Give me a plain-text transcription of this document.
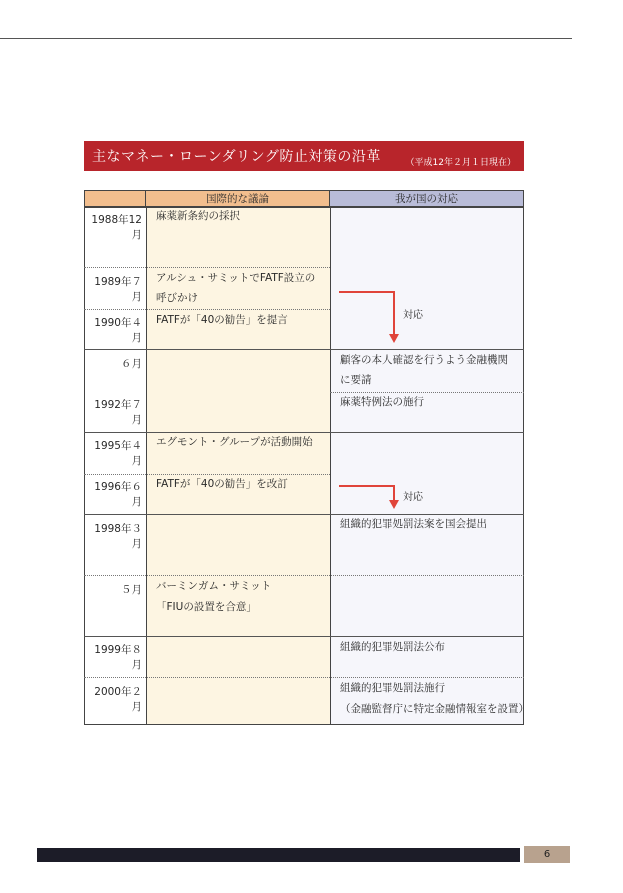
主なマネー・ローンダリング防止対策の沿革	（平成12年２月１日現在）
国際的な議論	我が国の対応
1988年12月
1989年７月
1990年４月
６月
1992年７月
1995年４月
1996年６月
1998年３月
５月
1999年８月
2000年２月
麻薬新条約の採択
アルシュ・サミットでFATF設立の
呼びかけ
FATFが「40の勧告」を提言
エグモント・グループが活動開始
FATFが「40の勧告」を改訂
バーミンガム・サミット
「FIUの設置を合意」
顧客の本人確認を行うよう金融機関
に要請
麻薬特例法の施行
組織的犯罪処罰法案を国会提出
組織的犯罪処罰法公布
組織的犯罪処罰法施行
（金融監督庁に特定金融情報室を設置）
対応
対応
6
